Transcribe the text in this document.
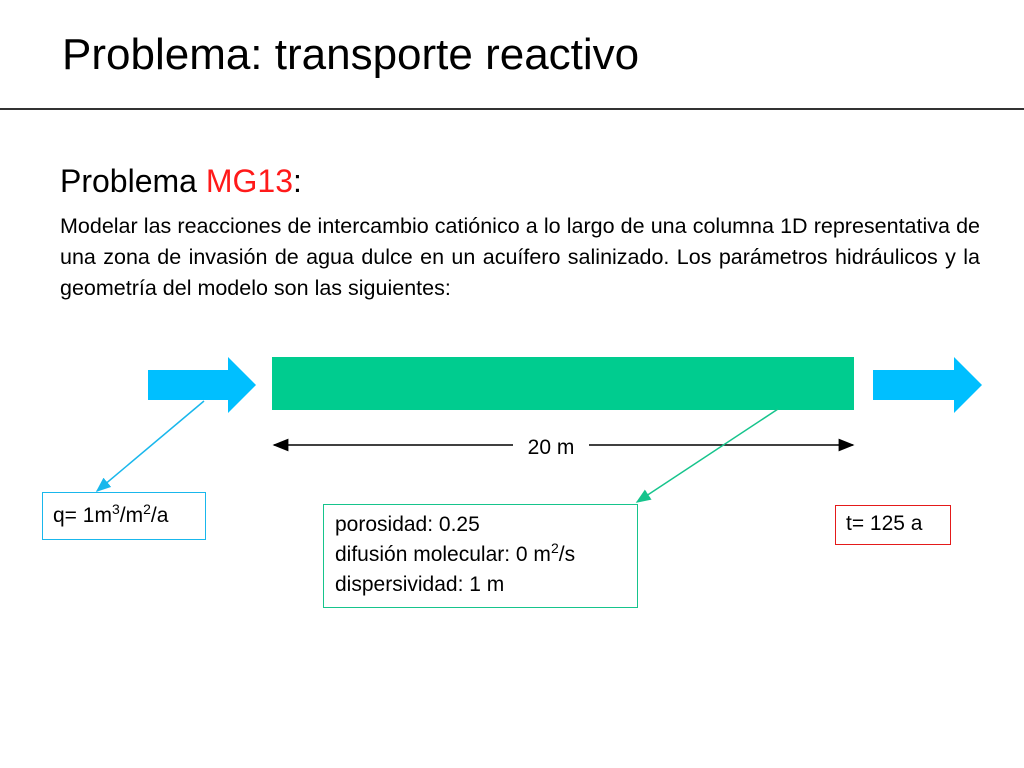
Problema: transporte reactivo
Problema MG13:

Modelar las reacciones de intercambio catiónico a lo largo de una columna 1D representativa de una zona de invasión de agua dulce en un acuífero salinizado. Los parámetros hidráulicos y la geometría del modelo son las siguientes:

20 m
$q= 1m^3/m^2/a$	porosidad: 0.25
difusión molecular: 0 $m^2/s$
dispersividad: 1 m
t= 125 a
